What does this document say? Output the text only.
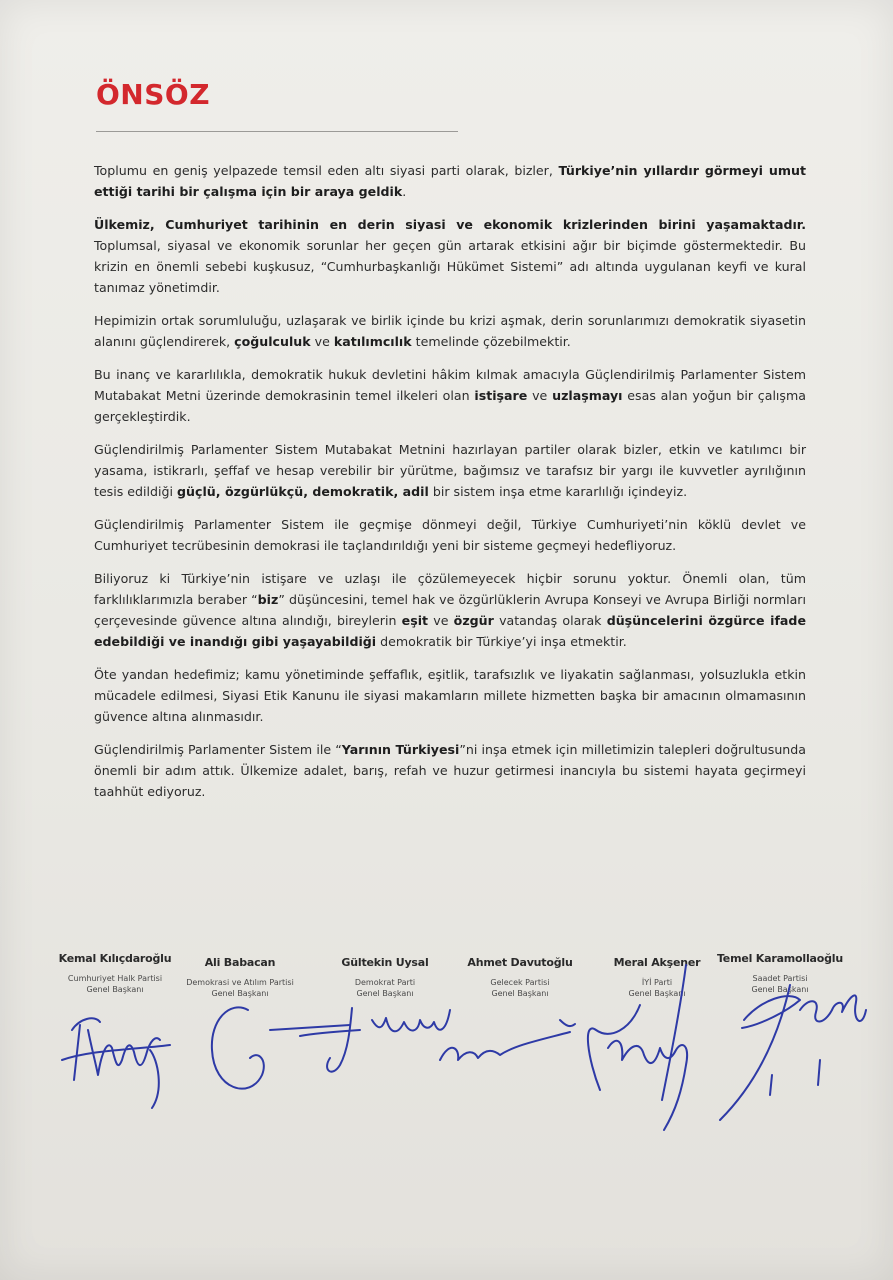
ÖNSÖZ

Toplumu en geniş yelpazede temsil eden altı siyasi parti olarak, bizler, Türkiye’nin yıllardır görmeyi umut ettiği tarihi bir çalışma için bir araya geldik.

Ülkemiz, Cumhuriyet tarihinin en derin siyasi ve ekonomik krizlerinden birini yaşamaktadır. Toplumsal, siyasal ve ekonomik sorunlar her geçen gün artarak etkisini ağır bir biçimde göstermektedir. Bu krizin en önemli sebebi kuşkusuz, “Cumhurbaşkanlığı Hükümet Sistemi” adı altında uygulanan keyfi ve kural tanımaz yönetimdir.

Hepimizin ortak sorumluluğu, uzlaşarak ve birlik içinde bu krizi aşmak, derin sorunlarımızı demokratik siyasetin alanını güçlendirerek, çoğulculuk ve katılımcılık temelinde çözebilmektir.

Bu inanç ve kararlılıkla, demokratik hukuk devletini hâkim kılmak amacıyla Güçlendirilmiş Parlamenter Sistem Mutabakat Metni üzerinde demokrasinin temel ilkeleri olan istişare ve uzlaşmayı esas alan yoğun bir çalışma gerçekleştirdik.

Güçlendirilmiş Parlamenter Sistem Mutabakat Metnini hazırlayan partiler olarak bizler, etkin ve katılımcı bir yasama, istikrarlı, şeffaf ve hesap verebilir bir yürütme, bağımsız ve tarafsız bir yargı ile kuvvetler ayrılığının tesis edildiği güçlü, özgürlükçü, demokratik, adil bir sistem inşa etme kararlılığı içindeyiz.

Güçlendirilmiş Parlamenter Sistem ile geçmişe dönmeyi değil, Türkiye Cumhuriyeti’nin köklü devlet ve Cumhuriyet tecrübesinin demokrasi ile taçlandırıldığı yeni bir sisteme geçmeyi hedefliyoruz.

Biliyoruz ki Türkiye’nin istişare ve uzlaşı ile çözülemeyecek hiçbir sorunu yoktur. Önemli olan, tüm farklılıklarımızla beraber “biz” düşüncesini, temel hak ve özgürlüklerin Avrupa Konseyi ve Avrupa Birliği normları çerçevesinde güvence altına alındığı, bireylerin eşit ve özgür vatandaş olarak düşüncelerini özgürce ifade edebildiği ve inandığı gibi yaşayabildiği demokratik bir Türkiye’yi inşa etmektir.

Öte yandan hedefimiz; kamu yönetiminde şeffaflık, eşitlik, tarafsızlık ve liyakatin sağlanması, yolsuzlukla etkin mücadele edilmesi, Siyasi Etik Kanunu ile siyasi makamların millete hizmetten başka bir amacının olmamasının güvence altına alınmasıdır.

Güçlendirilmiş Parlamenter Sistem ile “Yarının Türkiyesi”ni inşa etmek için milletimizin talepleri doğrultusunda önemli bir adım attık. Ülkemize adalet, barış, refah ve huzur getirmesi inancıyla bu sistemi hayata geçirmeyi taahhüt ediyoruz.

Kemal Kılıçdaroğlu
Cumhuriyet Halk Partisi
Genel Başkanı
Ali Babacan
Demokrasi ve Atılım Partisi
Genel Başkanı
Gültekin Uysal
Demokrat Parti
Genel Başkanı
Ahmet Davutoğlu
Gelecek Partisi
Genel Başkanı
Meral Akşener
İYİ Parti
Genel Başkanı
Temel Karamollaoğlu
Saadet Partisi
Genel Başkanı
